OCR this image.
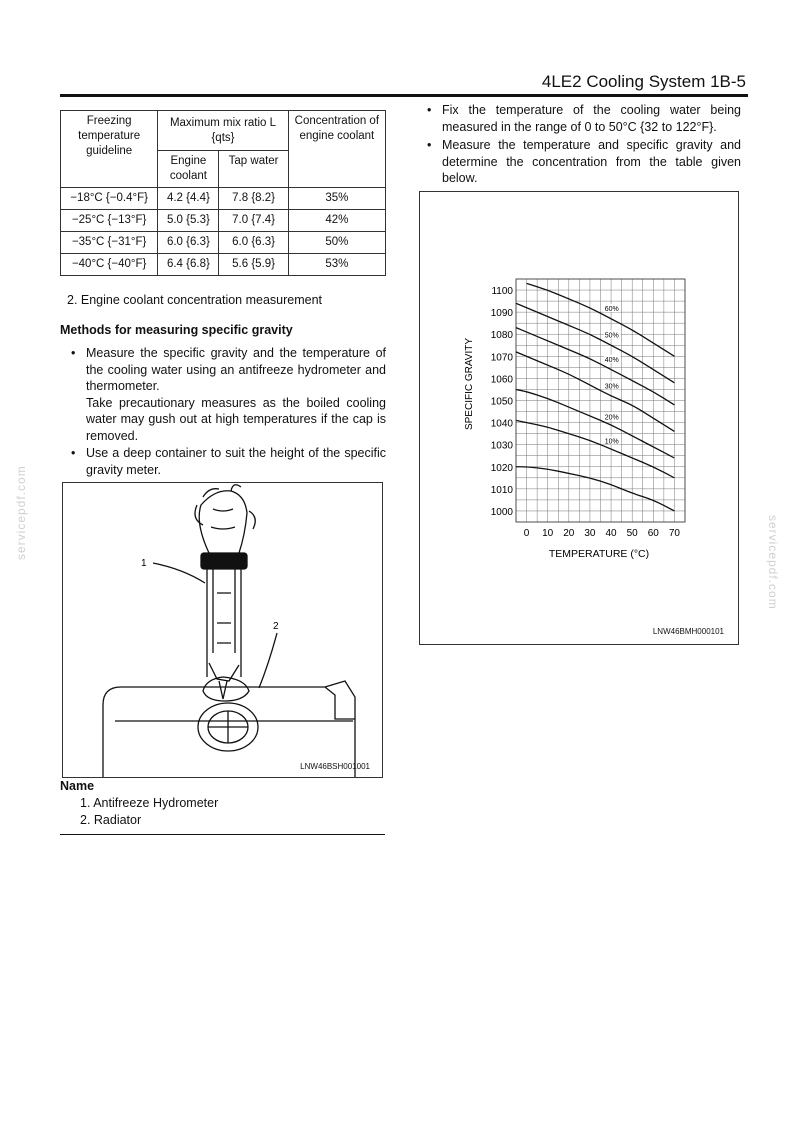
4LE2 Cooling System 1B-5
Freezing temperature guideline	Maximum mix ratio L {qts}		Concentration of engine coolant
	Engine coolant	Tap water	
−18°C {−0.4°F}	4.2 {4.4}	7.8 {8.2}	35%
−25°C {−13°F}	5.0 {5.3}	7.0 {7.4}	42%
−35°C {−31°F}	6.0 {6.3}	6.0 {6.3}	50%
−40°C {−40°F}	6.4 {6.8}	5.6 {5.9}	53%
2. Engine coolant concentration measurement
Methods for measuring specific gravity
• Measure the specific gravity and the temperature of the cooling water using an antifreeze hydrometer and thermometer.
Take precautionary measures as the boiled cooling water may gush out at high temperatures if the cap is removed.
• Use a deep container to suit the height of the specific gravity meter.
1
2
LNW46BSH001001
Name
1. Antifreeze Hydrometer
2. Radiator
• Fix the temperature of the cooling water being measured in the range of 0 to 50°C {32 to 122°F}.
• Measure the temperature and specific gravity and determine the concentration from the table given below.
60%
50%
40%
30%
20%
10%
1000
1010
1020
1030
1040
1050
1060
1070
1080
1090
1100
0 10 20 30 40 50 60 70
TEMPERATURE (°C)
SPECIFIC GRAVITY
LNW46BMH000101
servicepdf.com
servicepdf.com
